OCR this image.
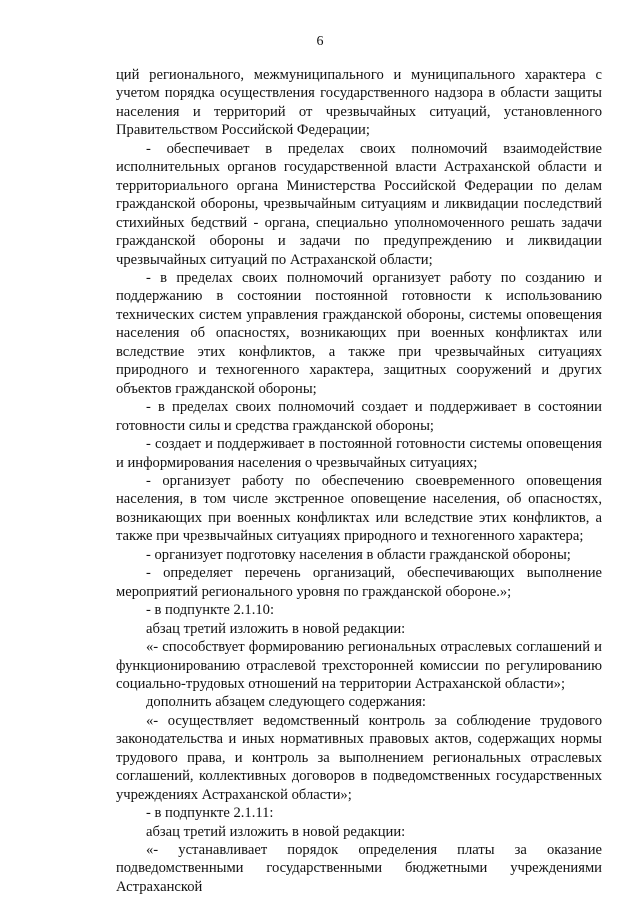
6

ций регионального, межмуниципального и муниципального характера с учетом порядка осуществления государственного надзора в области защиты населения и территорий от чрезвычайных ситуаций, установленного Правительством Российской Федерации;

- обеспечивает в пределах своих полномочий взаимодействие исполнительных органов государственной власти Астраханской области и территориального органа Министерства Российской Федерации по делам гражданской обороны, чрезвычайным ситуациям и ликвидации последствий стихийных бедствий - органа, специально уполномоченного решать задачи гражданской обороны и задачи по предупреждению и ликвидации чрезвычайных ситуаций по Астраханской области;

- в пределах своих полномочий организует работу по созданию и поддержанию в состоянии постоянной готовности к использованию технических систем управления гражданской обороны, системы оповещения населения об опасностях, возникающих при военных конфликтах или вследствие этих конфликтов, а также при чрезвычайных ситуациях природного и техногенного характера, защитных сооружений и других объектов гражданской обороны;

- в пределах своих полномочий создает и поддерживает в состоянии готовности силы и средства гражданской обороны;

- создает и поддерживает в постоянной готовности системы оповещения и информирования населения о чрезвычайных ситуациях;

- организует работу по обеспечению своевременного оповещения населения, в том числе экстренное оповещение населения, об опасностях, возникающих при военных конфликтах или вследствие этих конфликтов, а также при чрезвычайных ситуациях природного и техногенного характера;

- организует подготовку населения в области гражданской обороны;

- определяет перечень организаций, обеспечивающих выполнение мероприятий регионального уровня по гражданской обороне.»;

- в подпункте 2.1.10:

абзац третий изложить в новой редакции:

«- способствует формированию региональных отраслевых соглашений и функционированию отраслевой трехсторонней комиссии по регулированию социально-трудовых отношений на территории Астраханской области»;

дополнить абзацем следующего содержания:

«- осуществляет ведомственный контроль за соблюдение трудового законодательства и иных нормативных правовых актов, содержащих нормы трудового права, и контроль за выполнением региональных отраслевых соглашений, коллективных договоров в подведомственных государственных учреждениях Астраханской области»;

- в подпункте 2.1.11:

абзац третий изложить в новой редакции:

«- устанавливает порядок определения платы за оказание подведомственными государственными бюджетными учреждениями Астраханской
